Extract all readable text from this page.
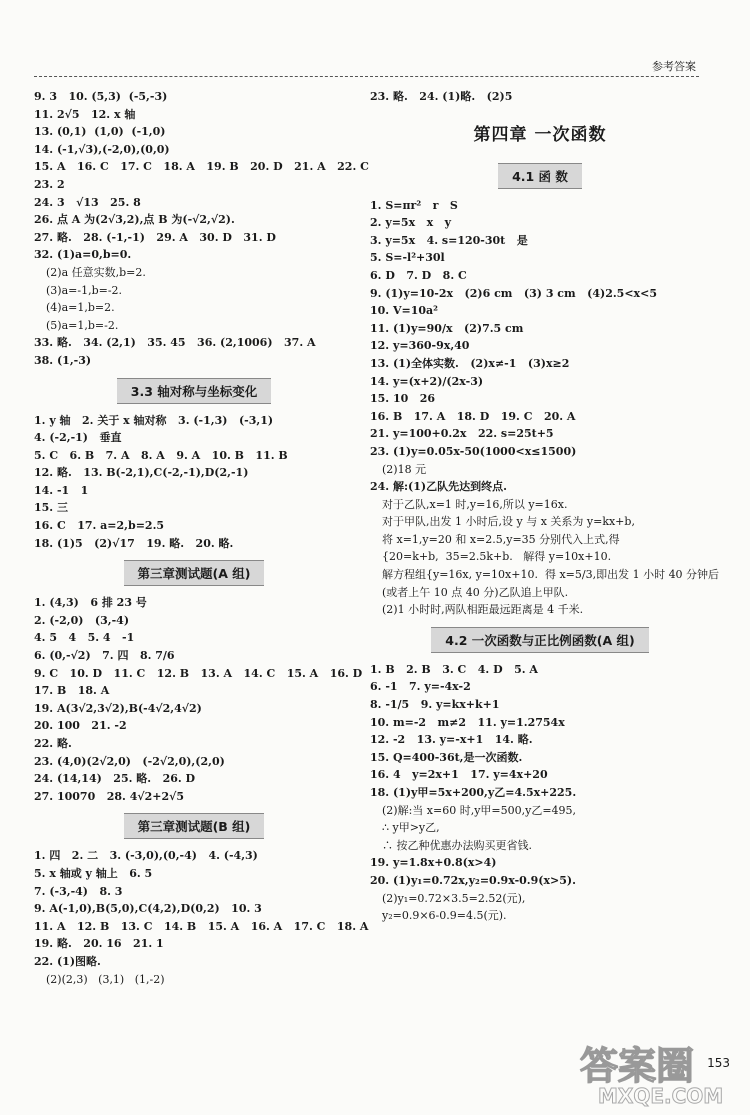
参考答案
9. 3   10. (5,3)  (-5,-3)
11. 2√5   12. x 轴
13. (0,1)  (1,0)  (-1,0)
14. (-1,√3),(-2,0),(0,0)
15. A   16. C   17. C   18. A   19. B   20. D   21. A   22. C
23. 2
24. 3   √13   25. 8
26. 点 A 为(2√3,2),点 B 为(-√2,√2).
27. 略.   28. (-1,-1)   29. A   30. D   31. D
32. (1)a=0,b=0.
(2)a 任意实数,b=2.
(3)a=-1,b=-2.
(4)a=1,b=2.
(5)a=1,b=-2.
33. 略.   34. (2,1)   35. 45   36. (2,1006)   37. A
38. (1,-3)
3.3 轴对称与坐标变化
1. y 轴   2. 关于 x 轴对称   3. (-1,3)   (-3,1)
4. (-2,-1)   垂直
5. C   6. B   7. A   8. A   9. A   10. B   11. B
12. 略.   13. B(-2,1),C(-2,-1),D(2,-1)
14. -1   1
15. 三
16. C   17. a=2,b=2.5
18. (1)5   (2)√17   19. 略.   20. 略.
第三章测试题(A 组)
1. (4,3)   6 排 23 号
2. (-2,0)   (3,-4)
4. 5   4   5. 4   -1
6. (0,-√2)   7. 四   8. 7/6
9. C   10. D   11. C   12. B   13. A   14. C   15. A   16. D
17. B   18. A
19. A(3√2,3√2),B(-4√2,4√2)
20. 100   21. -2
22. 略.
23. (4,0)(2√2,0)   (-2√2,0),(2,0)
24. (14,14)   25. 略.   26. D
27. 10070   28. 4√2+2√5
第三章测试题(B 组)
1. 四   2. 二   3. (-3,0),(0,-4)   4. (-4,3)
5. x 轴或 y 轴上   6. 5
7. (-3,-4)   8. 3
9. A(-1,0),B(5,0),C(4,2),D(0,2)   10. 3
11. A   12. B   13. C   14. B   15. A   16. A   17. C   18. A
19. 略.   20. 16   21. 1
22. (1)图略.
(2)(2,3)   (3,1)   (1,-2)
23. 略.   24. (1)略.   (2)5
第四章 一次函数
4.1 函 数
1. S=πr²   r   S
2. y=5x   x   y
3. y=5x   4. s=120-30t   是
5. S=-l²+30l
6. D   7. D   8. C
9. (1)y=10-2x   (2)6 cm   (3) 3 cm   (4)2.5<x<5
10. V=10a²
11. (1)y=90/x   (2)7.5 cm
12. y=360-9x,40
13. (1)全体实数.   (2)x≠-1   (3)x≥2
14. y=(x+2)/(2x-3)
15. 10   26
16. B   17. A   18. D   19. C   20. A
21. y=100+0.2x   22. s=25t+5
23. (1)y=0.05x-50(1000<x≤1500)
(2)18 元
24. 解:(1)乙队先达到终点.
对于乙队,x=1 时,y=16,所以 y=16x.
对于甲队,出发 1 小时后,设 y 与 x 关系为 y=kx+b,
将 x=1,y=20 和 x=2.5,y=35 分别代入上式,得
{20=k+b,  35=2.5k+b.   解得 y=10x+10.
解方程组{y=16x, y=10x+10.  得 x=5/3,即出发 1 小时 40 分钟后
(或者上午 10 点 40 分)乙队追上甲队.
(2)1 小时时,两队相距最远距离是 4 千米.
4.2 一次函数与正比例函数(A 组)
1. B   2. B   3. C   4. D   5. A
6. -1   7. y=-4x-2
8. -1/5   9. y=kx+k+1
10. m=-2   m≠2   11. y=1.2754x
12. -2   13. y=-x+1   14. 略.
15. Q=400-36t,是一次函数.
16. 4   y=2x+1   17. y=4x+20
18. (1)y甲=5x+200,y乙=4.5x+225.
(2)解:当 x=60 时,y甲=500,y乙=495,
∴ y甲>y乙,
∴ 按乙种优惠办法购买更省钱.
19. y=1.8x+0.8(x>4)
20. (1)y₁=0.72x,y₂=0.9x-0.9(x>5).
(2)y₁=0.72×3.5=2.52(元),
y₂=0.9×6-0.9=4.5(元).
答案圈
MXQE.COM
153
